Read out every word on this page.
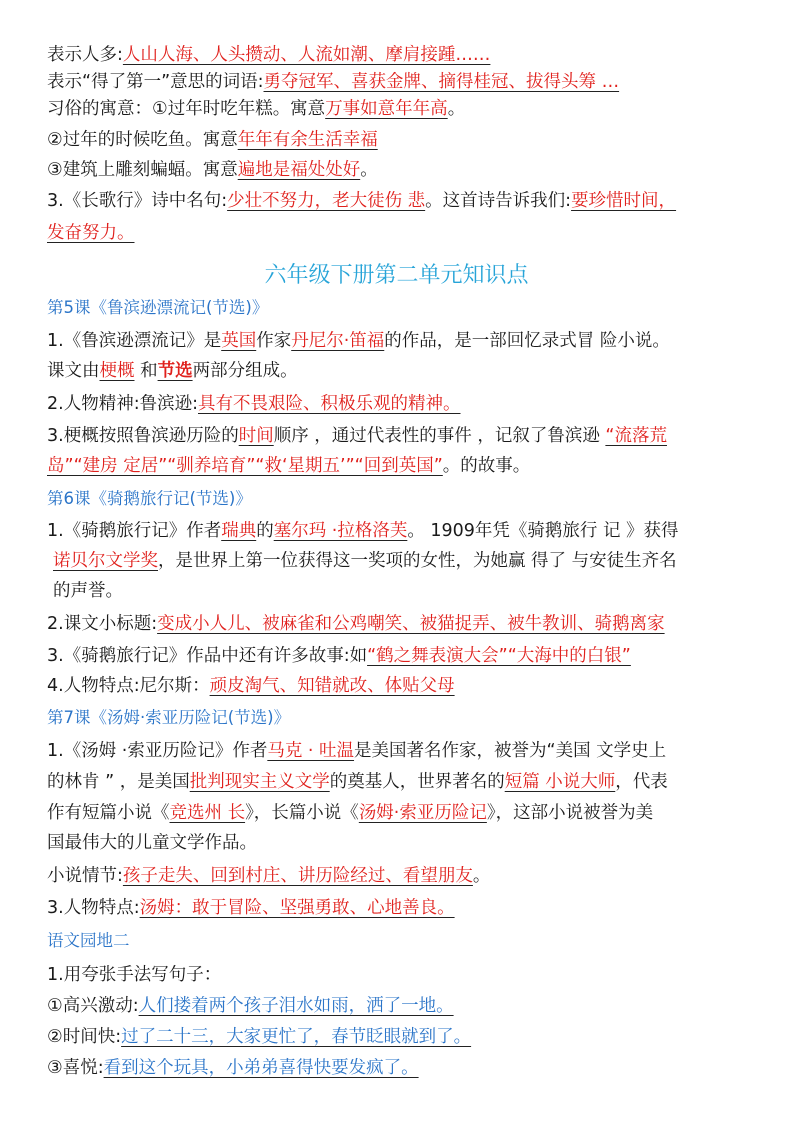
表示人多:人山人海、人头攒动、人流如潮、摩肩接踵……
表示“得了第一”意思的词语:勇夺冠军、喜获金牌、摘得桂冠、拔得头筹 …
习俗的寓意：①过年时吃年糕。寓意万事如意年年高。
②过年的时候吃鱼。寓意年年有余生活幸福
③建筑上雕刻蝙蝠。寓意遍地是福处处好。
3.《长歌行》诗中名句:少壮不努力，老大徒伤 悲。这首诗告诉我们:要珍惜时间，
发奋努力。
六年级下册第二单元知识点
第5课《鲁滨逊漂流记(节选)》
1.《鲁滨逊漂流记》是英国作家丹尼尔·笛福的作品，是一部回忆录式冒 险小说。
课文由梗概 和节选两部分组成。
2.人物精神:鲁滨逊:具有不畏艰险、积极乐观的精神。
3.梗概按照鲁滨逊历险的时间顺序 ，通过代表性的事件 ，记叙了鲁滨逊 “流落荒
岛”“建房 定居”“驯养培育”“救‘星期五’”“回到英国”。的故事。
第6课《骑鹅旅行记(节选)》
1.《骑鹅旅行记》作者瑞典的塞尔玛 ·拉格洛芙。 1909年凭《骑鹅旅行 记 》获得
诺贝尔文学奖，是世界上第一位获得这一奖项的女性，为她赢 得了 与安徒生齐名
的声誉。
2.课文小标题:变成小人儿、被麻雀和公鸡嘲笑、被猫捉弄、被牛教训、骑鹅离家
3.《骑鹅旅行记》作品中还有许多故事:如“鹤之舞表演大会”“大海中的白银”
4.人物特点:尼尔斯：顽皮淘气、知错就改、体贴父母
第7课《汤姆·索亚历险记(节选)》
1.《汤姆 ·索亚历险记》作者马克 · 吐温是美国著名作家，被誉为“美国 文学史上
的林肯 ” ，是美国批判现实主义文学的奠基人，世界著名的短篇 小说大师，代表
作有短篇小说《竞选州 长》，长篇小说《汤姆·索亚历险记》，这部小说被誉为美
国最伟大的儿童文学作品。
小说情节:孩子走失、回到村庄、讲历险经过、看望朋友。
3.人物特点:汤姆：敢于冒险、坚强勇敢、心地善良。
语文园地二
1.用夸张手法写句子：
①高兴激动:人们搂着两个孩子泪水如雨，洒了一地。
②时间快:过了二十三，大家更忙了，春节眨眼就到了。
③喜悦:看到这个玩具，小弟弟喜得快要发疯了。
